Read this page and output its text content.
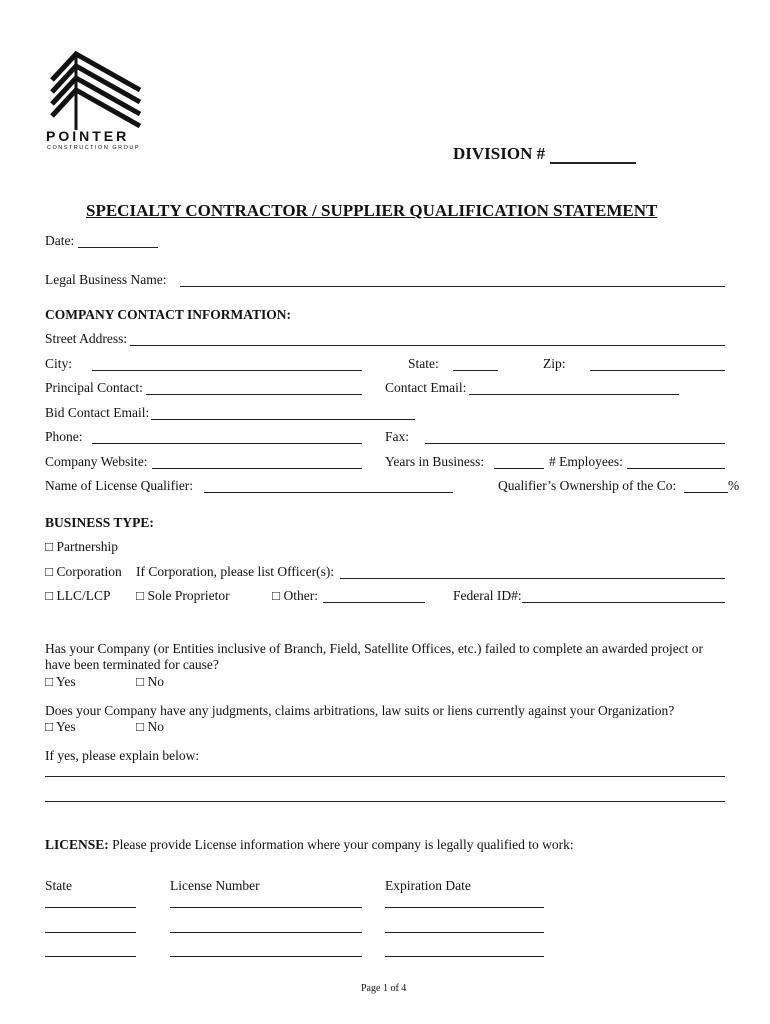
POINTER
CONSTRUCTION GROUP	DIVISION #
SPECIALTY CONTRACTOR / SUPPLIER QUALIFICATION STATEMENT
Date:
Legal Business Name:
COMPANY CONTACT INFORMATION:
Street Address:
City:	State:	Zip:
Principal Contact:	Contact Email:
Bid Contact Email:
Phone:	Fax:
Company Website:	Years in Business:	# Employees:
Name of License Qualifier:	Qualifier’s Ownership of the Co:	%
BUSINESS TYPE:
□ Partnership
□ Corporation If Corporation, please list Officer(s):
□ LLC/LCP □ Sole Proprietor	□ Other:	Federal ID#:
Has your Company (or Entities inclusive of Branch, Field, Satellite Offices, etc.) failed to complete an awarded project or
have been terminated for cause?
□ Yes	□ No
Does your Company have any judgments, claims arbitrations, law suits or liens currently against your Organization?
□ Yes	□ No
If yes, please explain below:
LICENSE: Please provide License information where your company is legally qualified to work:
State	License Number	Expiration Date
Page 1 of 4
